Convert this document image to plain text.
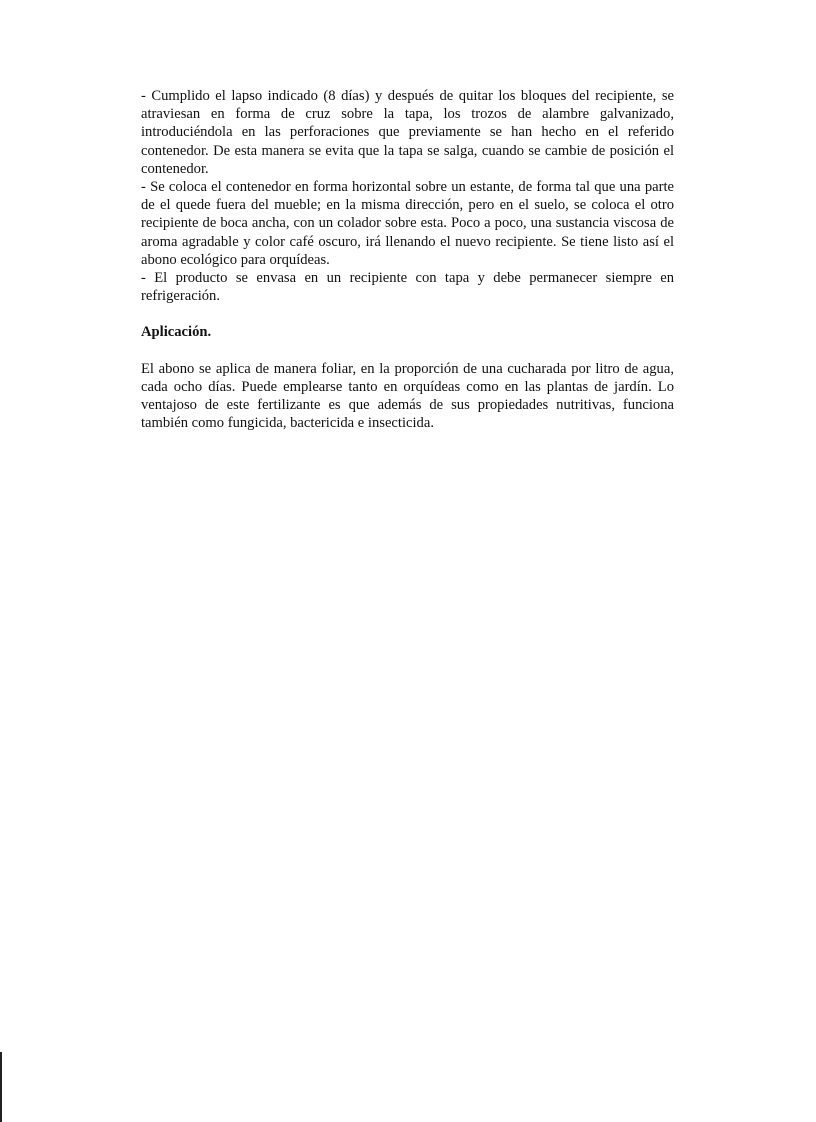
- Cumplido el lapso indicado (8 días) y después de quitar los bloques del recipiente, se atraviesan en forma de cruz sobre la tapa, los trozos de alambre galvanizado, introduciéndola en las perforaciones que previamente se han hecho en el referido contenedor. De esta manera se evita que la tapa se salga, cuando se cambie de posición el contenedor.

- Se coloca el contenedor en forma horizontal sobre un estante, de forma tal que una parte de el quede fuera del mueble; en la misma dirección, pero en el suelo, se coloca el otro recipiente de boca ancha, con un colador sobre esta. Poco a poco, una sustancia viscosa de aroma agradable y color café oscuro, irá llenando el nuevo recipiente. Se tiene listo así el abono ecológico para orquídeas.

- El producto se envasa en un recipiente con tapa y debe permanecer siempre en refrigeración.

Aplicación.

El abono se aplica de manera foliar, en la proporción de una cucharada por litro de agua, cada ocho días. Puede emplearse tanto en orquídeas como en las plantas de jardín. Lo ventajoso de este fertilizante es que además de sus propiedades nutritivas, funciona también como fungicida, bactericida e insecticida.
